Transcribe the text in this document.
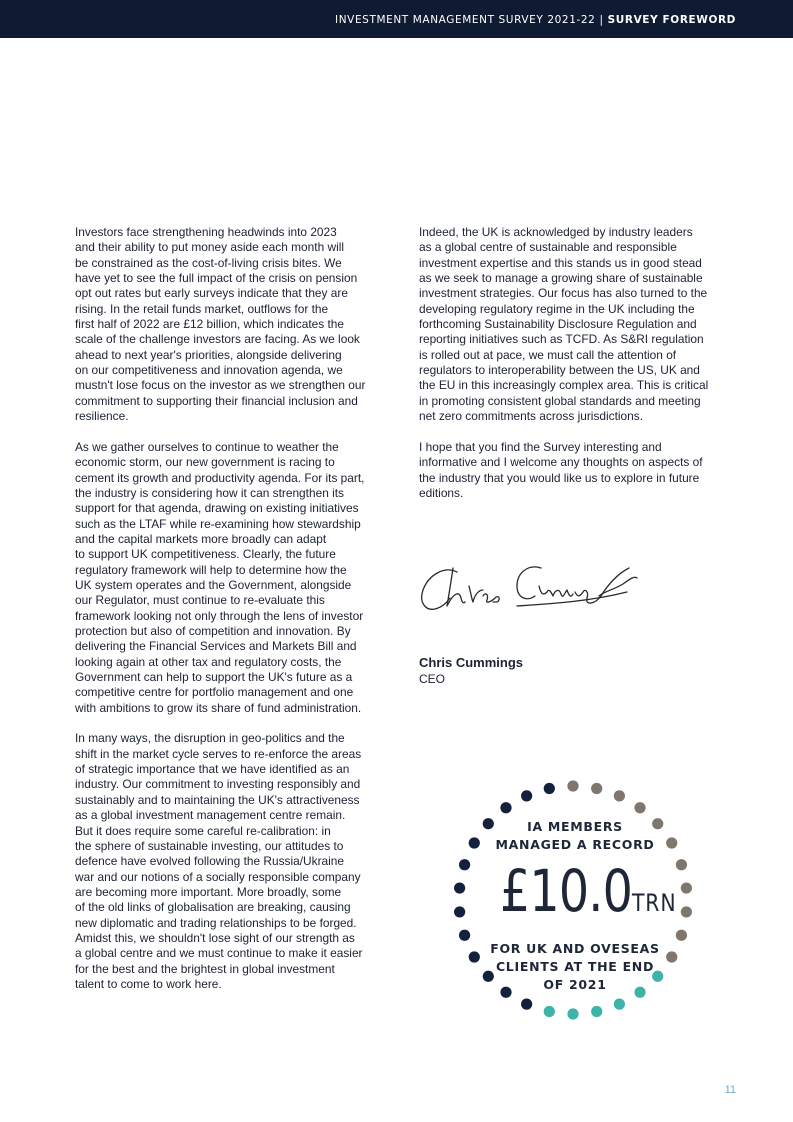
INVESTMENT MANAGEMENT SURVEY 2021-22 | SURVEY FOREWORD

Investors face strengthening headwinds into 2023
and their ability to put money aside each month will
be constrained as the cost-of-living crisis bites. We
have yet to see the full impact of the crisis on pension
opt out rates but early surveys indicate that they are
rising. In the retail funds market, outflows for the
first half of 2022 are £12 billion, which indicates the
scale of the challenge investors are facing. As we look
ahead to next year's priorities, alongside delivering
on our competitiveness and innovation agenda, we
mustn't lose focus on the investor as we strengthen our
commitment to supporting their financial inclusion and
resilience.

As we gather ourselves to continue to weather the
economic storm, our new government is racing to
cement its growth and productivity agenda. For its part,
the industry is considering how it can strengthen its
support for that agenda, drawing on existing initiatives
such as the LTAF while re-examining how stewardship
and the capital markets more broadly can adapt
to support UK competitiveness. Clearly, the future
regulatory framework will help to determine how the
UK system operates and the Government, alongside
our Regulator, must continue to re-evaluate this
framework looking not only through the lens of investor
protection but also of competition and innovation. By
delivering the Financial Services and Markets Bill and
looking again at other tax and regulatory costs, the
Government can help to support the UK's future as a
competitive centre for portfolio management and one
with ambitions to grow its share of fund administration.

In many ways, the disruption in geo-politics and the
shift in the market cycle serves to re-enforce the areas
of strategic importance that we have identified as an
industry. Our commitment to investing responsibly and
sustainably and to maintaining the UK's attractiveness
as a global investment management centre remain.
But it does require some careful re-calibration: in
the sphere of sustainable investing, our attitudes to
defence have evolved following the Russia/Ukraine
war and our notions of a socially responsible company
are becoming more important. More broadly, some
of the old links of globalisation are breaking, causing
new diplomatic and trading relationships to be forged.
Amidst this, we shouldn't lose sight of our strength as
a global centre and we must continue to make it easier
for the best and the brightest in global investment
talent to come to work here.

Indeed, the UK is acknowledged by industry leaders
as a global centre of sustainable and responsible
investment expertise and this stands us in good stead
as we seek to manage a growing share of sustainable
investment strategies. Our focus has also turned to the
developing regulatory regime in the UK including the
forthcoming Sustainability Disclosure Regulation and
reporting initiatives such as TCFD. As S&RI regulation
is rolled out at pace, we must call the attention of
regulators to interoperability between the US, UK and
the EU in this increasingly complex area. This is critical
in promoting consistent global standards and meeting
net zero commitments across jurisdictions.

I hope that you find the Survey interesting and
informative and I welcome any thoughts on aspects of
the industry that you would like us to explore in future
editions.

Chris Cummings
CEO
IA MEMBERS
MANAGED A RECORD
£10.0TRN
FOR UK AND OVESEAS
CLIENTS AT THE END
OF 2021
11
